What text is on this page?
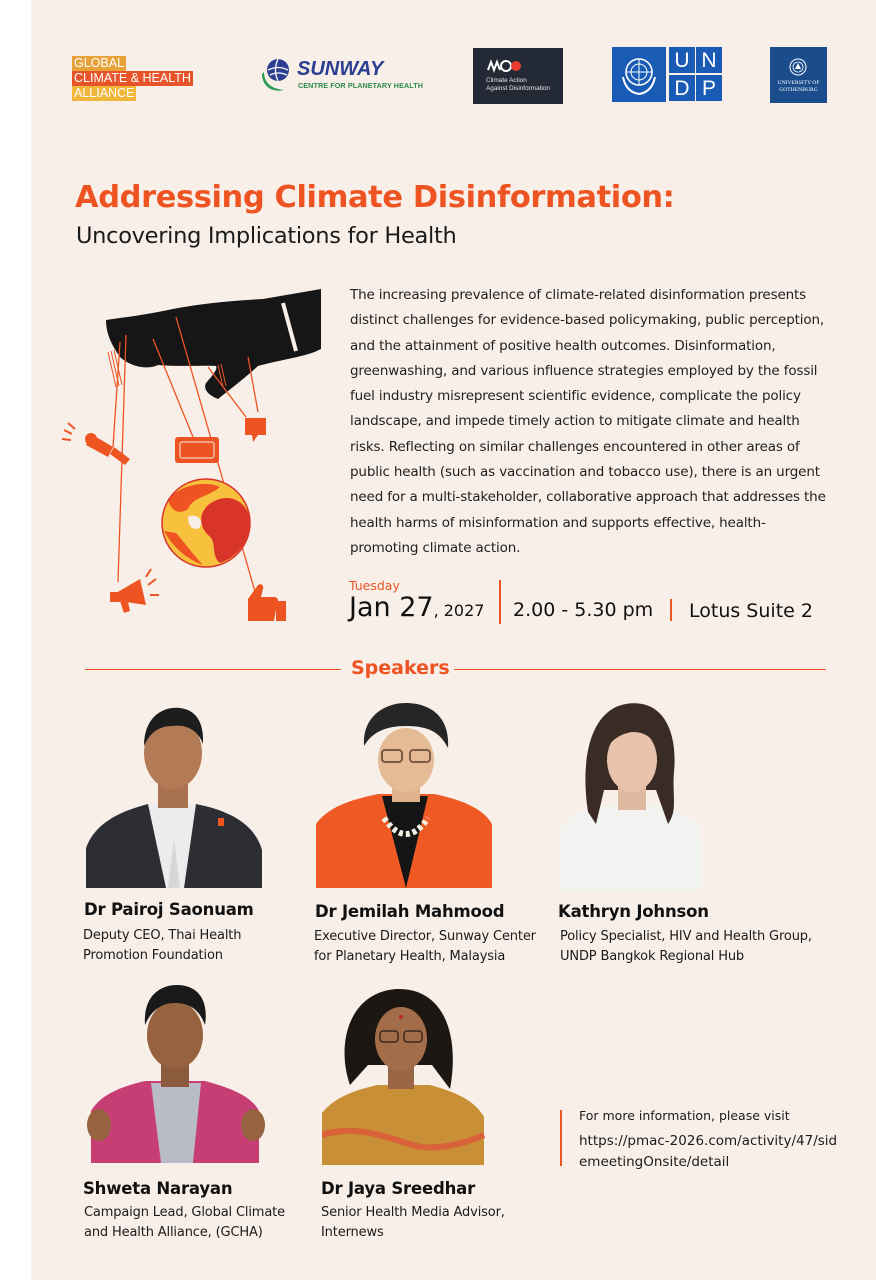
GLOBAL
CLIMATE & HEALTH
ALLIANCE
SUNWAY
CENTRE FOR PLANETARY HEALTH
Climate Action
Against Disinformation
U N
D P	UNIVERSITY OF
GOTHENBURG
Addressing Climate Disinformation:
Uncovering Implications for Health
The increasing prevalence of climate-related disinformation presents distinct challenges for evidence-based policymaking, public perception, and the attainment of positive health outcomes. Disinformation, greenwashing, and various influence strategies employed by the fossil fuel industry misrepresent scientific evidence, complicate the policy landscape, and impede timely action to mitigate climate and health risks. Reflecting on similar challenges encountered in other areas of public health (such as vaccination and tobacco use), there is an urgent need for a multi-stakeholder, collaborative approach that addresses the health harms of misinformation and supports effective, health-promoting climate action.
Tuesday
Jan 27, 2027 2.00 - 5.30 pm Lotus Suite 2
Speakers
Dr Pairoj Saonuam
Deputy CEO, Thai Health Promotion Foundation
Dr Jemilah Mahmood
Executive Director, Sunway Center for Planetary Health, Malaysia
Kathryn Johnson
Policy Specialist, HIV and Health Group, UNDP Bangkok Regional Hub
Shweta Narayan
Campaign Lead, Global Climate and Health Alliance, (GCHA)
Dr Jaya Sreedhar
Senior Health Media Advisor, Internews
For more information, please visit
https://pmac-2026.com/activity/47/sidemeetingOnsite/detail
